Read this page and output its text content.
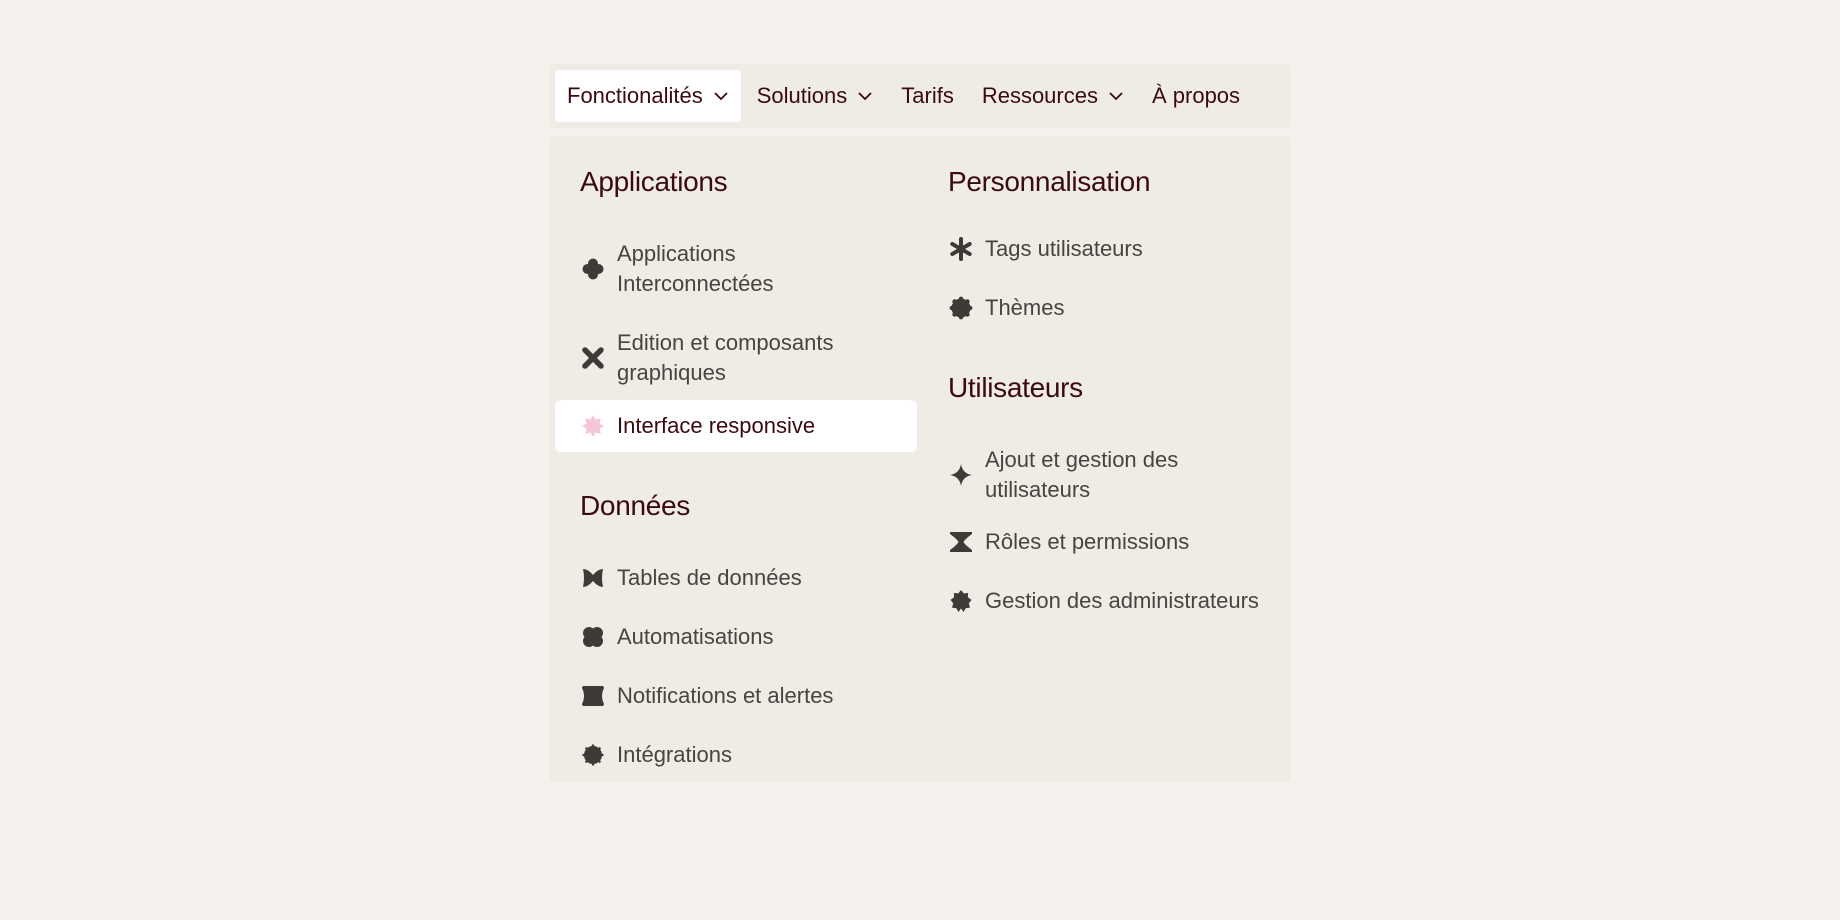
Fonctionalités Solutions Tarifs Ressources À propos
Applications
Applications
Interconnectées
Edition et composants
graphiques
Interface responsive
Données
Tables de données
Automatisations
Notifications et alertes
Intégrations
Personnalisation
Tags utilisateurs
Thèmes
Utilisateurs
Ajout et gestion des
utilisateurs
Rôles et permissions
Gestion des administrateurs
